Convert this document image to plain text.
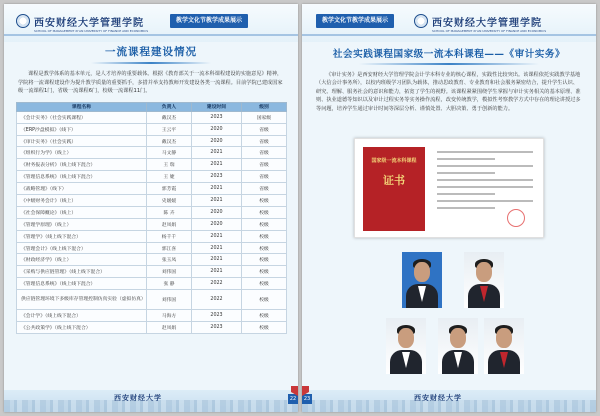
西安财经大学管理学院
SCHOOL OF MANAGEMENT XI'AN UNIVERSITY OF FINANCE AND ECONOMICS
教学文化节教学成果展示
一流课程建设情况

课程是教学体系的基本单元，是人才培养的重要载体。根据《教育部关于一流本科课程建设的实施意见》精神，学院将一流课程建设作为提升教学质量的重要抓手，多措并举支持教师开发建设各类一流课程。目前学院已建成国家级一流课程1门，省级一流课程6门，校级一流课程11门。

课程名称	负责人	建设时间	级别
《会计实务》（社会实践课程）	戴汉杰	2023	国家级
《ERP沙盘模拟》（线下）	王云平	2020	省级
《审计实务》（社会实践）	戴汉杰	2020	省级
《组织行为学》（线上）	马文静	2021	省级
《财务报表分析》（线上线下混合）	王 瑞	2021	省级
《管理信息系统》（线上线下混合）	王 婕	2023	省级
《战略管理》（线下）	郭芳霞	2021	省级
《中级财务会计》（线上）	史媛媛	2021	校级
《社会保障概论》（线上）	陈 卉	2020	校级
《管理学原理》（线上）	赵凤娟	2020	校级
《管理学》（线上线下混合）	杨千千	2021	校级
《管理会计》（线上线下混合）	郭江喜	2021	校级
《财政经济学》（线上）	张玉凤	2021	校级
《采购与供应链管理》（线上线下混合）	刘伟国	2021	校级
《管理信息系统》（线上线下混合）	张 静	2022	校级
供应链管理环境下多级库存管理控制仿真实验（虚拟仿真）	刘伟国	2022	校级
《会计学》（线上线下混合）	马海方	2023	校级
《公共政策学》（线上线下混合）	赵凤娟	2023	校级
西安财经大学	22
西安财经大学管理学院
SCHOOL OF MANAGEMENT XI'AN UNIVERSITY OF FINANCE AND ECONOMICS
教学文化节教学成果展示
社会实践课程国家级一流本科课程——《审计实务》

《审计实务》是西安财经大学管理学院会计学本科专业的核心课程，实践性比较突出。该课程依托实践教学基地（大信会计事务所），以校内班级学习团队为载体，推动思政教育、专业教育和社会服务紧密结合，提升学生认识、研究、理解、服务社会的意识和能力，拓宽了学生的视野。该课程紧紧围绕学生掌握与审计实务相关的基本原理、准则、执业道德等知识以及审计过程实务等实务操作流程，改变传统教学，模拟性考察教学方式中存在的理论讲授过多等问题，培养学生通过审计时间等深层分析、谨慎处置、大胆决策、勇于创新的能力。

国家级一流本科课程
证书
西安财经大学
23
